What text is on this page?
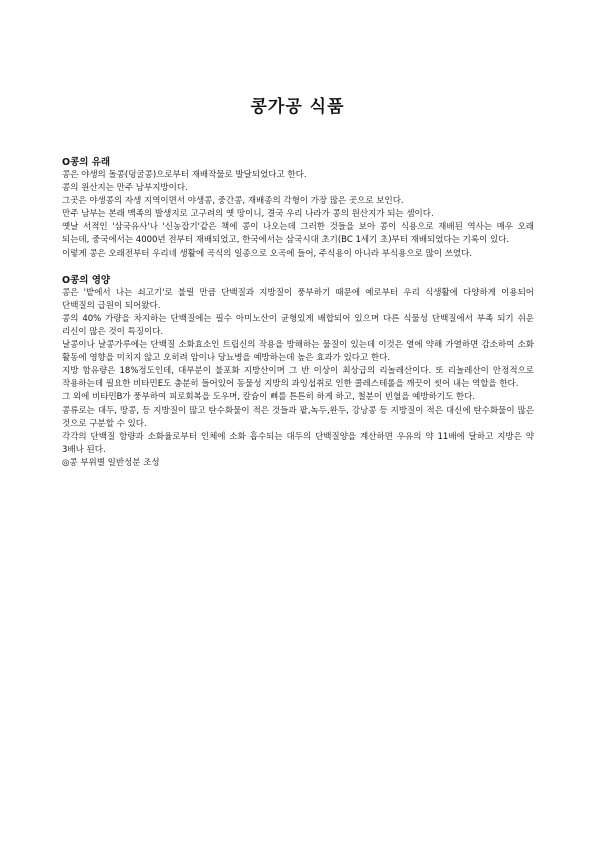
콩가공 식품
O콩의 유래

콩은 야생의 돌콩(덩굴콩)으로부터 재배작물로 발달되었다고 한다.

콩의 원산지는 만주 남부지방이다.

그곳은 야생콩의 자생 지역이면서 야생콩, 중간콩, 재배종의 각형이 가장 많은 곳으로 보인다.

만주 남부는 본래 맥족의 발생지로 고구려의 옛 땅이니, 결국 우리 나라가 콩의 원산지가 되는 셈이다.

옛날 서적인 '삼국유사'나 '신농잡기'같은 책에 콩이 나오는데 그러한 것들을 보아 콩이 식용으로 재배된 역사는 매우 오래 되는데, 중국에서는 4000년 전부터 재배되었고, 한국에서는 삼국시대 초기(BC 1세기 초)부터 재배되었다는 기록이 있다.

이렇게 콩은 오래전부터 우리네 생활에 곡식의 일종으로 오곡에 들어, 주식용이 아니라 부식용으로 많이 쓰였다.

O콩의 영양

콩은 '밭에서 나는 쇠고기'로 불릴 만큼 단백질과 지방질이 풍부하기 때문에 예로부터 우리 식생활에 다양하게 이용되어 단백질의 급원이 되어왔다.

콩의 40% 가량을 차지하는 단백질에는 필수 아미노산이 균형있게 배합되어 있으며 다른 식물성 단백질에서 부족 되기 쉬운 리신이 많은 것이 특징이다.

날콩이나 날콩가루에는 단백질 소화효소인 트립신의 작용을 방해하는 물질이 있는데 이것은 열에 약해 가열하면 감소하여 소화 활동에 영향을 미치지 않고 오히려 암이나 당뇨병을 예방하는데 높은 효과가 있다고 한다.

지방 함유량은 18%정도인데, 대부분이 불포화 지방산이며 그 반 이상이 최상급의 리놀레산이다. 또 리놀레산이 안정적으로 작용하는데 필요한 비타민E도 충분히 들어있어 동물성 지방의 과잉섭취로 인한 콜레스테롤을 깨끗이 씻어 내는 역할을 한다.

그 외에 비타민B가 풍부하여 피로회복을 도우며, 칼슘이 뼈를 튼튼히 하게 하고, 철분이 빈혈을 예방하기도 한다.

콩류로는 대두, 땅콩, 등 지방질이 많고 탄수화물이 적은 것들과 팥,녹두,완두, 강낭콩 등 지방질이 적은 대신에 탄수화물이 많은 것으로 구분할 수 있다.

각각의 단백질 함량과 소화율로부터 인체에 소화 흡수되는 대두의 단백질양을 계산하면 우유의 약 11배에 달하고 지방은 약 3배나 된다.

◎콩 부위별 일반성분 조성
